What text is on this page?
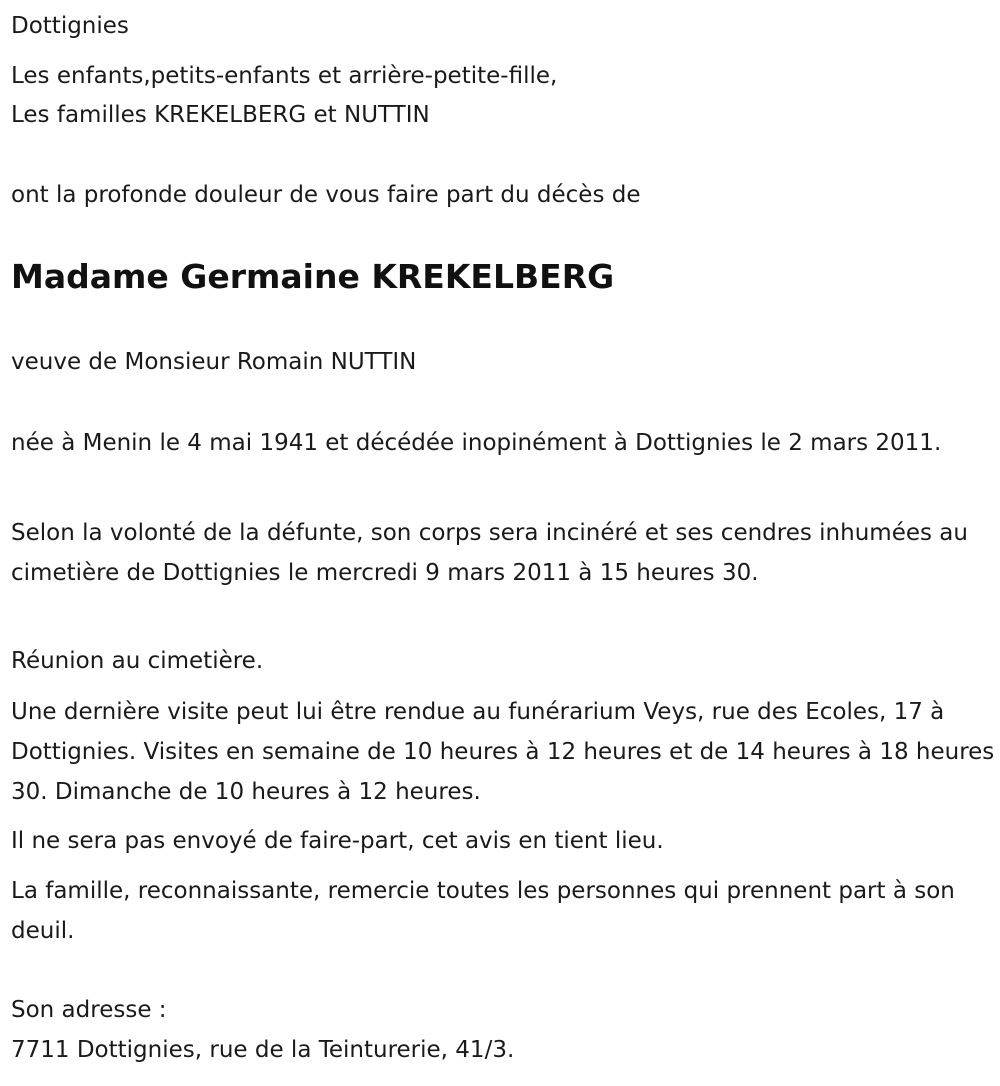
Dottignies

Les enfants,petits-enfants et arrière-petite-fille,

Les familles KREKELBERG et NUTTIN

ont la profonde douleur de vous faire part du décès de

Madame Germaine KREKELBERG

veuve de Monsieur Romain NUTTIN

née à Menin le 4 mai 1941 et décédée inopinément à Dottignies le 2 mars 2011.

Selon la volonté de la défunte, son corps sera incinéré et ses cendres inhumées au cimetière de Dottignies le mercredi 9 mars 2011 à 15 heures 30.

Réunion au cimetière.

Une dernière visite peut lui être rendue au funérarium Veys, rue des Ecoles, 17 à Dottignies. Visites en semaine de 10 heures à 12 heures et de 14 heures à 18 heures 30. Dimanche de 10 heures à 12 heures.

Il ne sera pas envoyé de faire-part, cet avis en tient lieu.

La famille, reconnaissante, remercie toutes les personnes qui prennent part à son deuil.

Son adresse :

7711 Dottignies, rue de la Teinturerie, 41/3.
